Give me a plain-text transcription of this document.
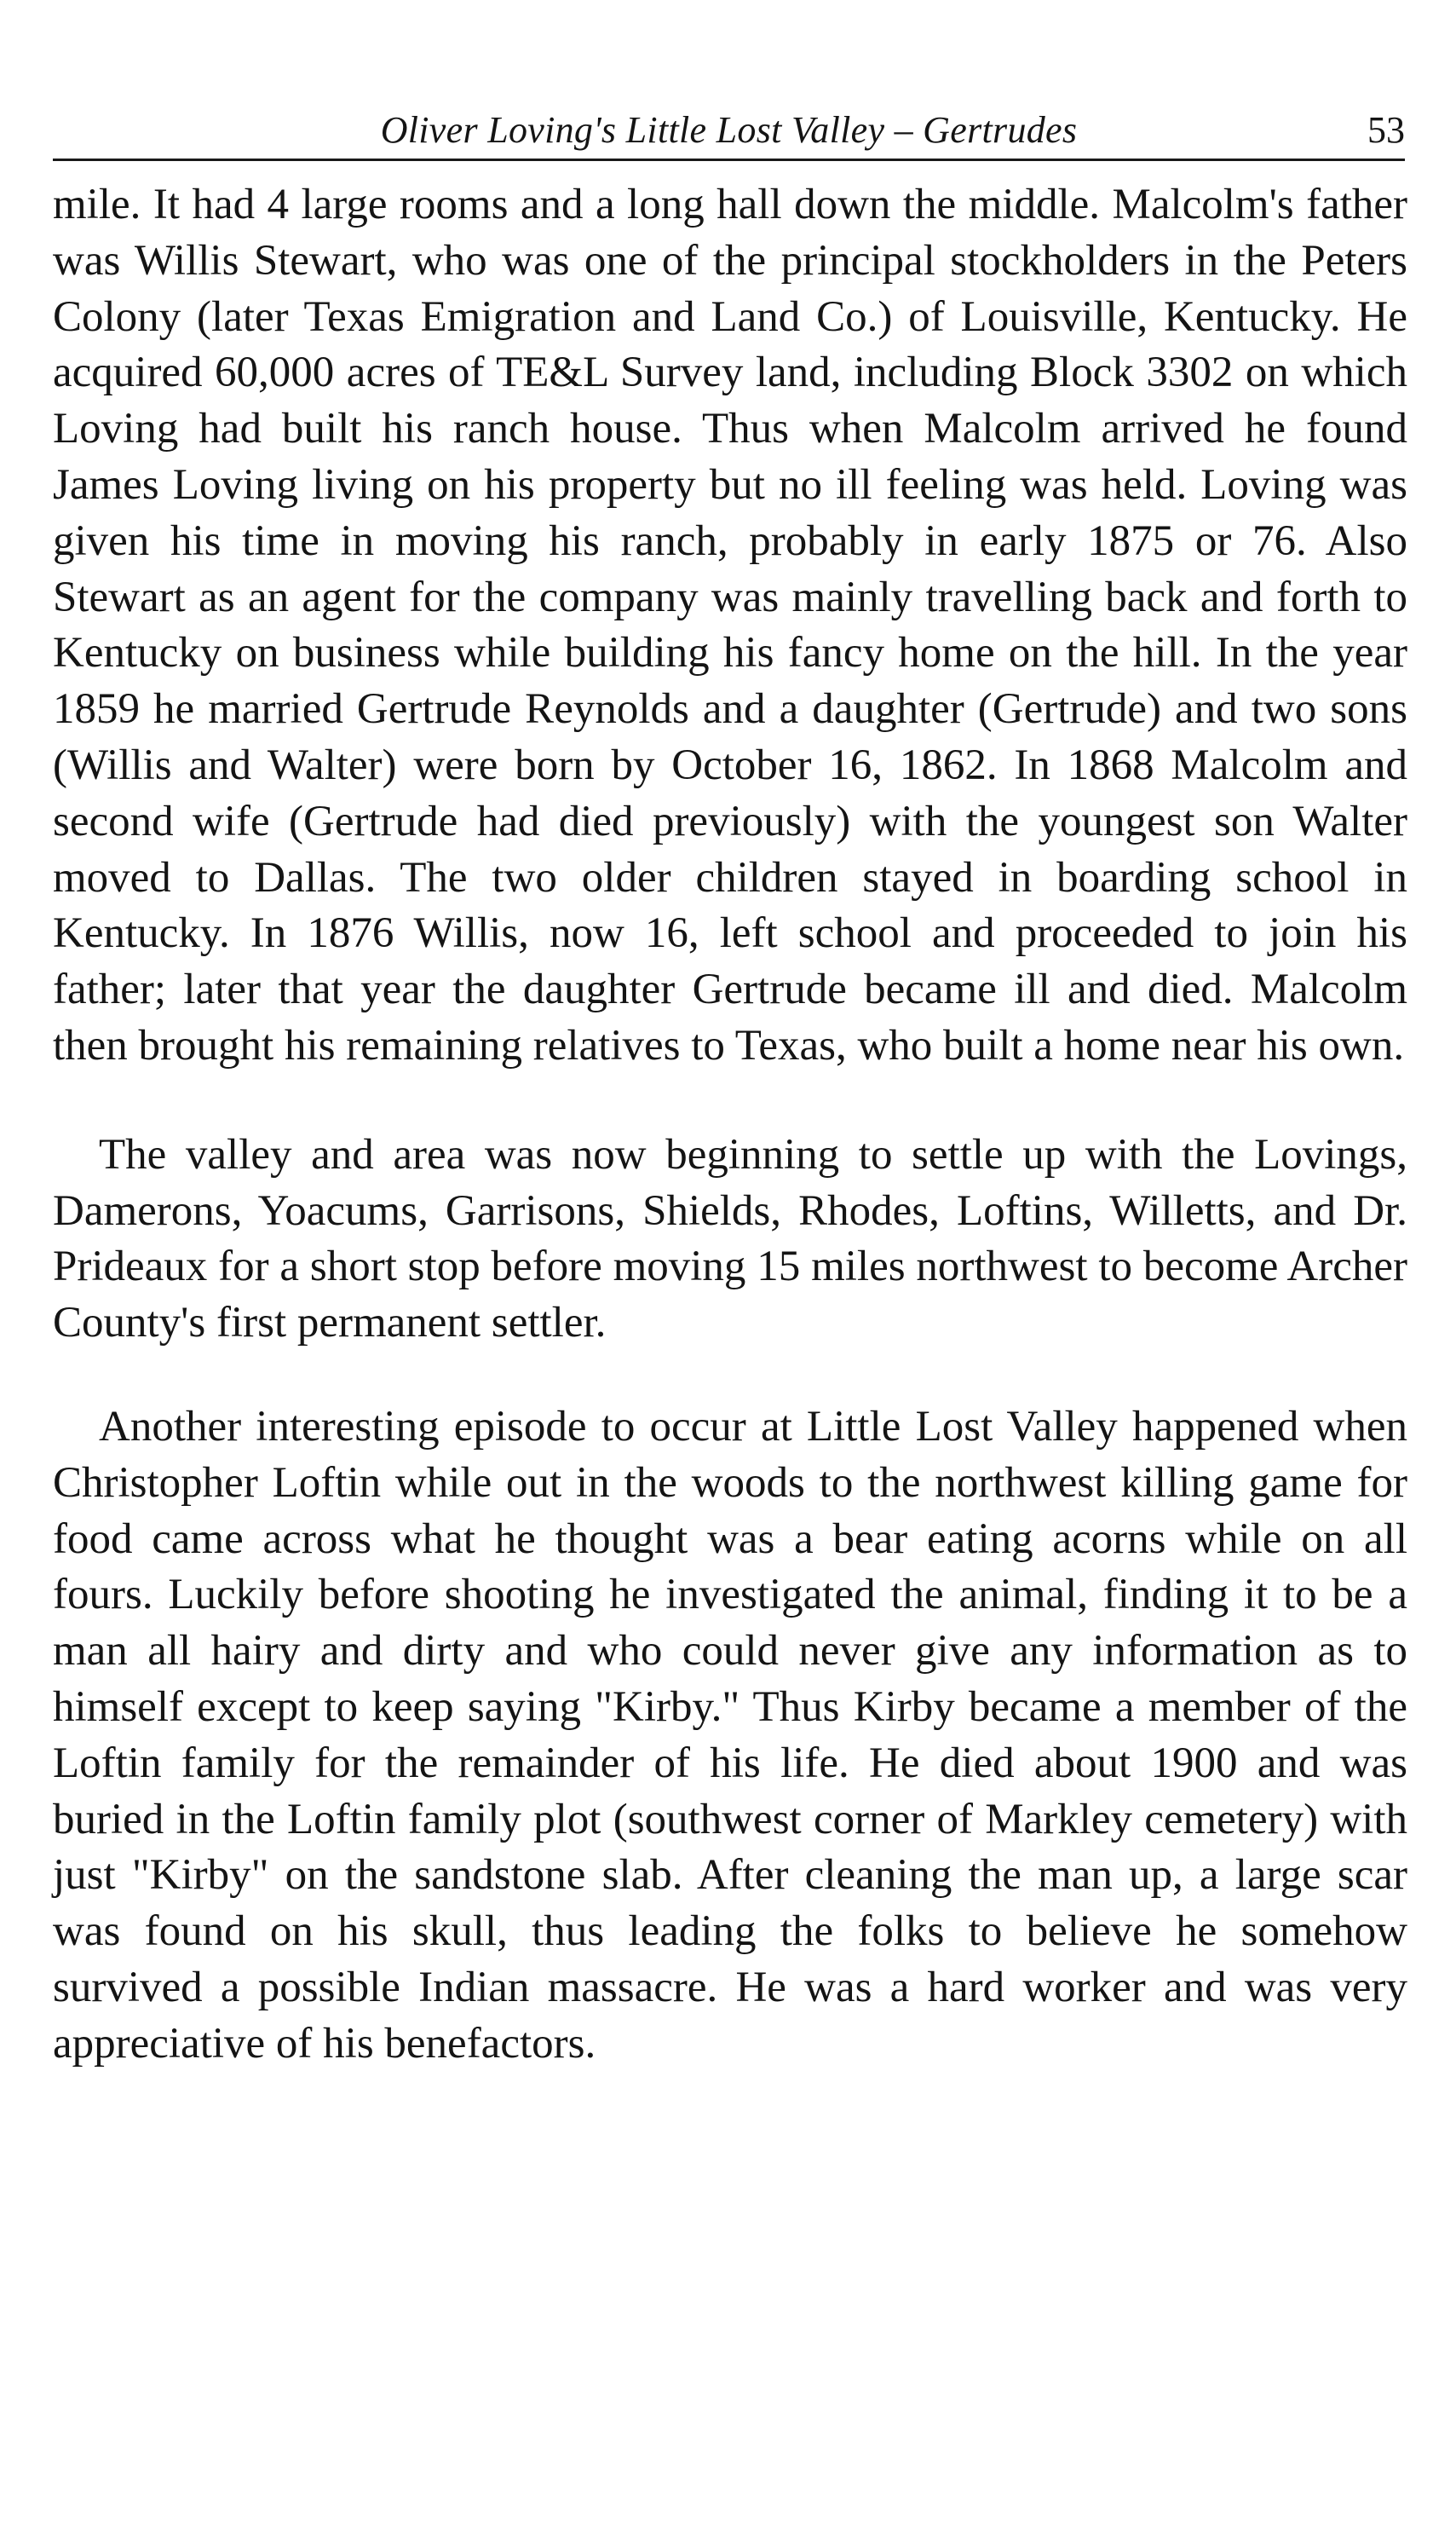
Oliver Loving's Little Lost Valley – Gertrudes	53

mile. It had 4 large rooms and a long hall down the middle. Malcolm's father was Willis Stewart, who was one of the principal stockholders in the Peters Colony (later Texas Emigration and Land Co.) of Louisville, Kentucky. He acquired 60,000 acres of TE&L Survey land, including Block 3302 on which Loving had built his ranch house. Thus when Malcolm arrived he found James Loving living on his property but no ill feeling was held. Loving was given his time in moving his ranch, probably in early 1875 or 76. Also Stewart as an agent for the company was mainly travelling back and forth to Kentucky on business while building his fancy home on the hill. In the year 1859 he married Gertrude Reynolds and a daughter (Gertrude) and two sons (Willis and Walter) were born by October 16, 1862. In 1868 Malcolm and second wife (Gertrude had died previously) with the youngest son Walter moved to Dallas. The two older children stayed in boarding school in Kentucky. In 1876 Willis, now 16, left school and proceeded to join his father; later that year the daughter Gertrude became ill and died. Malcolm then brought his remaining relatives to Texas, who built a home near his own.

The valley and area was now beginning to settle up with the Lovings, Damerons, Yoacums, Garrisons, Shields, Rhodes, Loftins, Willetts, and Dr. Prideaux for a short stop before moving 15 miles northwest to become Archer County's first permanent settler.

Another interesting episode to occur at Little Lost Valley happened when Christopher Loftin while out in the woods to the northwest killing game for food came across what he thought was a bear eating acorns while on all fours. Luckily before shooting he investigated the animal, finding it to be a man all hairy and dirty and who could never give any information as to himself except to keep saying "Kirby." Thus Kirby became a member of the Loftin family for the remainder of his life. He died about 1900 and was buried in the Loftin family plot (southwest corner of Markley cemetery) with just "Kirby" on the sandstone slab. After cleaning the man up, a large scar was found on his skull, thus leading the folks to believe he somehow survived a possible Indian massacre. He was a hard worker and was very appreciative of his benefactors.
